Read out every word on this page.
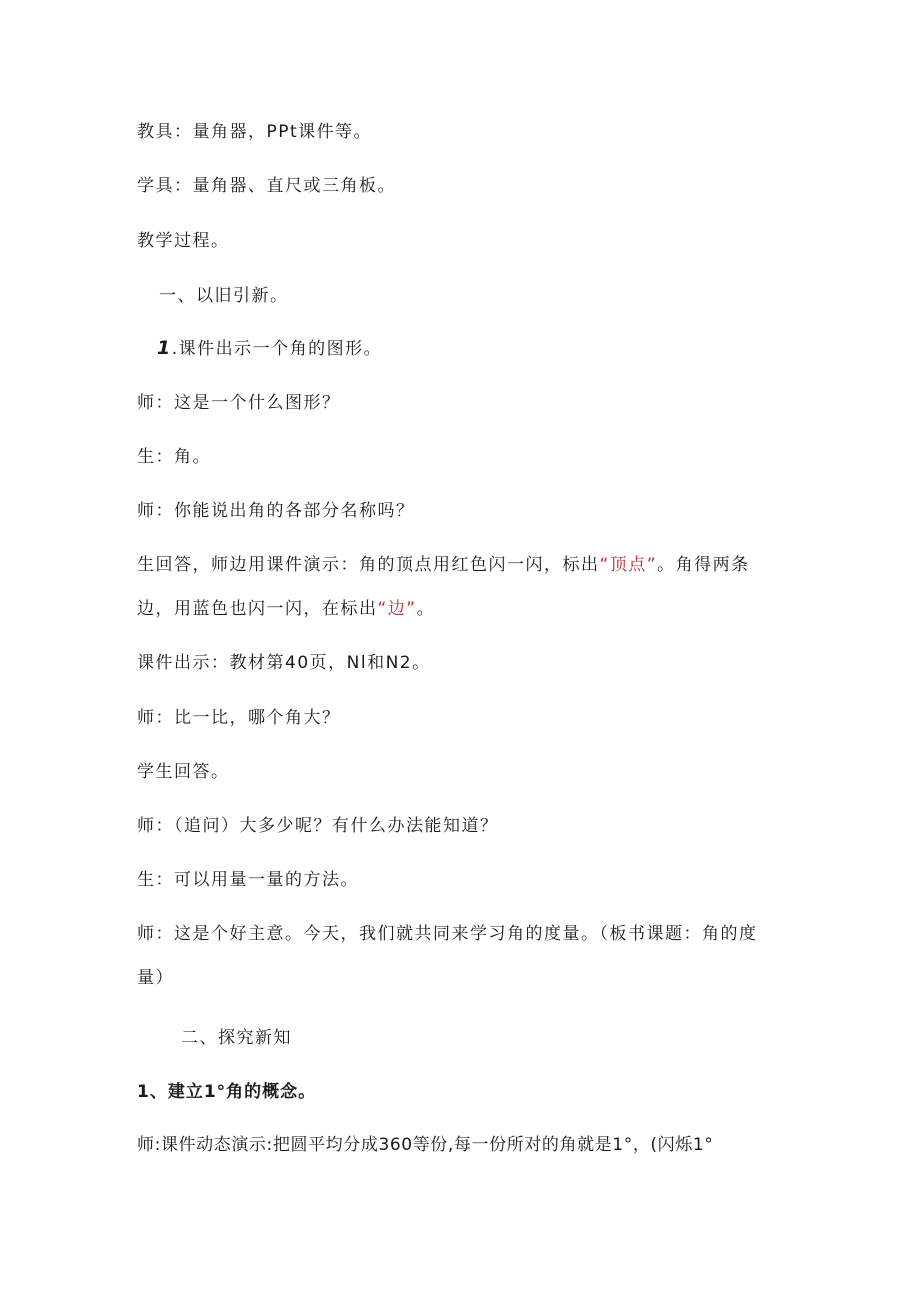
教具：量角器，PPt课件等。
学具：量角器、直尺或三角板。
教学过程。
一、以旧引新。
1.课件出示一个角的图形。
师：这是一个什么图形？
生：角。
师：你能说出角的各部分名称吗？
生回答，师边用课件演示：角的顶点用红色闪一闪，标出“顶点”。角得两条
边，用蓝色也闪一闪，在标出“边”。
课件出示：教材第40页，Nl和N2。
师：比一比，哪个角大？
学生回答。
师：（追问）大多少呢？有什么办法能知道？
生：可以用量一量的方法。
师：这是个好主意。今天，我们就共同来学习角的度量。（板书课题：角的度
量）
二、探究新知
1、建立1°角的概念。
师:课件动态演示:把圆平均分成360等份,每一份所对的角就是1°，(闪烁1°
